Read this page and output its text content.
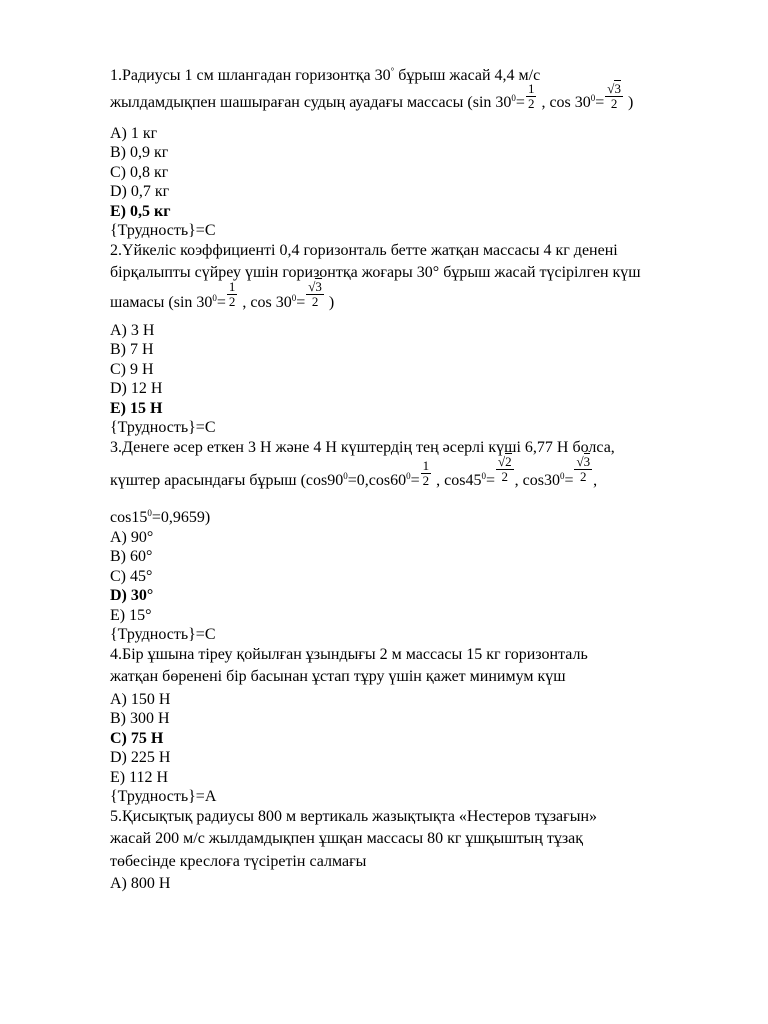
1.Радиусы 1 см шлангадан горизонтқа 30° бұрыш жасай 4,4 м/с
жылдамдықпен шашыраған судың ауадағы массасы (sin $30^0= \frac{1}{2}$ , $\cos 30^0= \frac{√3}{2}$ )
А) 1 кг
В) 0,9 кг
С) 0,8 кг
D) 0,7 кг
E) 0,5 кг
{Трудность}=С
2.Үйкеліс коэффициенті 0,4 горизонталь бетте жатқан массасы 4 кг денені
бірқалыпты сүйреу үшін горизонтқа жоғары 30° бұрыш жасай түсірілген күш
шамасы (sin $30^0= \frac{1}{2}$ , $\cos 30^0= \frac{√3}{2}$ )
А) 3 Н
В) 7 Н
С) 9 Н
D) 12 Н
E) 15 Н
{Трудность}=С
3.Денеге әсер еткен 3 Н және 4 Н күштердің тең әсерлі күші 6,77 Н болса,
күштер арасындағы бұрыш ($\cos 90^0=0,\cos 60^0= \frac{1}{2}$ , $\cos 45^0= \frac{√2}{2}$ , $\cos 30^0= \frac{√3}{2}$ ,
$\cos 15^0=0,9659$)
А) 90°
В) 60°
С) 45°
D) 30°
E) 15°
{Трудность}=С
4.Бір ұшына тіреу қойылған ұзындығы 2 м массасы 15 кг горизонталь
жатқан бөренені бір басынан ұстап тұру үшін қажет минимум күш
А) 150 Н
В) 300 Н
С) 75 Н
D) 225 Н
E) 112 Н
{Трудность}=А
5.Қисықтық радиусы 800 м вертикаль жазықтықта «Нестеров тұзағын»
жасай 200 м/с жылдамдықпен ұшқан массасы 80 кг ұшқыштың тұзақ
төбесінде креслоға түсіретін салмағы
А) 800 Н
